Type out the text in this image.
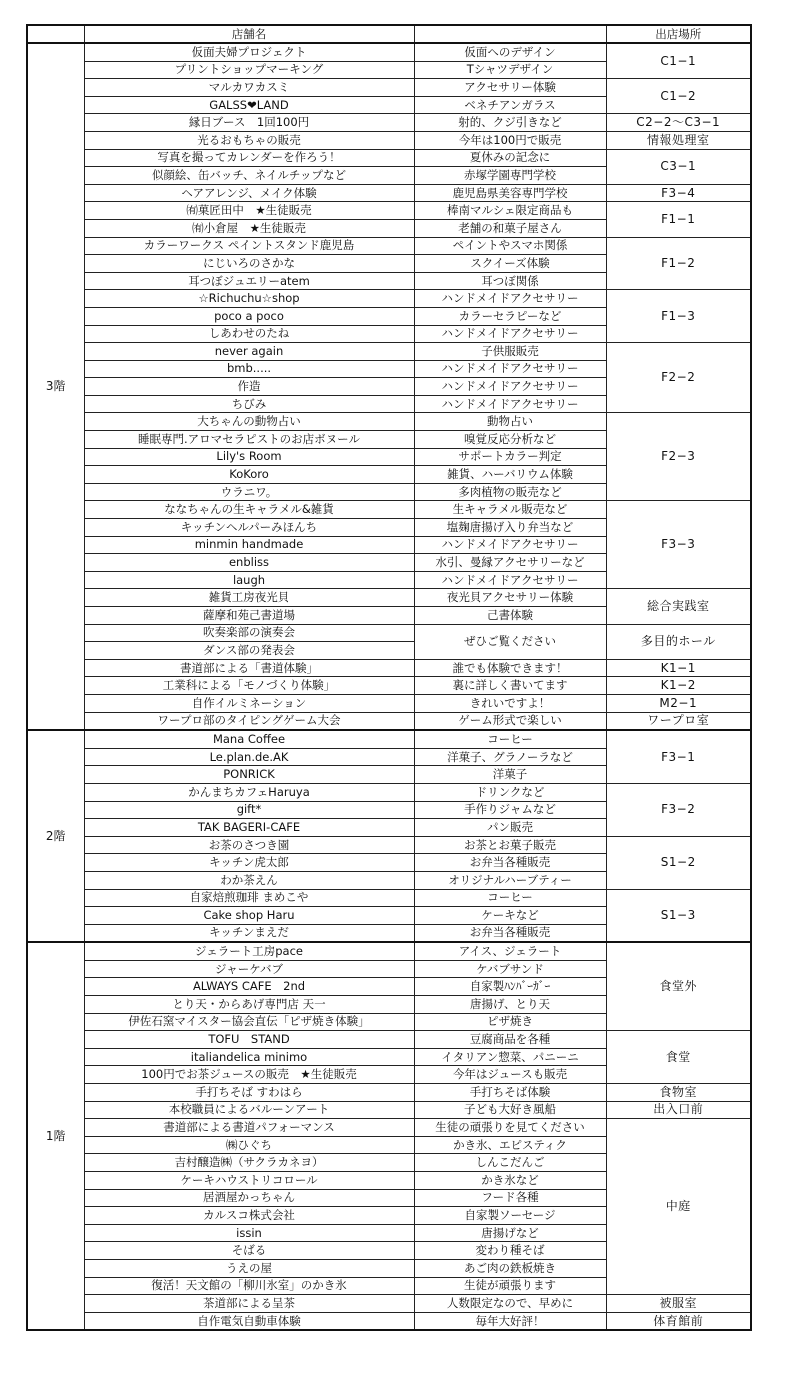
	店舗名		出店場所
3階	仮面夫婦プロジェクト	仮面へのデザイン	C1−1
	プリントショップマーキング	Tシャツデザイン	
	マルカワカスミ	アクセサリー体験	C1−2
	GALSS❤LAND	ベネチアンガラス	
	縁日ブース　1回100円	射的、クジ引きなど	C2−2～C3−1
	光るおもちゃの販売	今年は100円で販売	情報処理室
	写真を撮ってカレンダーを作ろう！	夏休みの記念に	C3−1
	似顔絵、缶バッチ、ネイルチップなど	赤塚学園専門学校	
	ヘアアレンジ、メイク体験	鹿児島県美容専門学校	F3−4
	㈲菓匠田中　★生徒販売	棒南マルシェ限定商品も	F1−1
	㈲小倉屋　★生徒販売	老舗の和菓子屋さん	
	カラーワークス ペイントスタンド鹿児島	ペイントやスマホ関係	F1−2
	にじいろのさかな	スクイーズ体験	
	耳つぼジュエリーatem	耳つぼ関係	
	☆Richuchu☆shop	ハンドメイドアクセサリー	F1−3
	poco a poco	カラーセラピーなど	
	しあわせのたね	ハンドメイドアクセサリー	
	never again	子供服販売	F2−2
	bmb.....	ハンドメイドアクセサリー	
	作造	ハンドメイドアクセサリー	
	ちびみ	ハンドメイドアクセサリー	
	大ちゃんの動物占い	動物占い	F2−3
	睡眠専門.アロマセラピストのお店ボヌール	嗅覚反応分析など	
	Lily's Room	サポートカラー判定	
	KoKoro	雑貨、ハーバリウム体験	
	ウラニワ。	多肉植物の販売など	
	ななちゃんの生キャラメル&雑貨	生キャラメル販売など	F3−3
	キッチンヘルパーみほんち	塩麹唐揚げ入り弁当など	
	minmin handmade	ハンドメイドアクセサリー	
	enbliss	水引、曼縁アクセサリーなど	
	laugh	ハンドメイドアクセサリー	
	雑貨工房夜光貝	夜光貝アクセサリー体験	総合実践室
	薩摩和苑己書道場	己書体験	
	吹奏楽部の演奏会	ぜひご覧ください	多目的ホール
	ダンス部の発表会		
	書道部による「書道体験」	誰でも体験できます！	K1−1
	工業科による「モノづくり体験」	裏に詳しく書いてます	K1−2
	自作イルミネーション	きれいですよ！	M2−1
	ワープロ部のタイピングゲーム大会	ゲーム形式で楽しい	ワープロ室
2階	Mana Coffee	コーヒー	F3−1
	Le.plan.de.AK	洋菓子、グラノーラなど	
	PONRICK	洋菓子	
	かんまちカフェHaruya	ドリンクなど	F3−2
	gift*	手作りジャムなど	
	TAK BAGERI-CAFE	パン販売	
	お茶のさつき園	お茶とお菓子販売	S1−2
	キッチン虎太郎	お弁当各種販売	
	わか茶えん	オリジナルハーブティー	
	自家焙煎珈琲 まめこや	コーヒー	S1−3
	Cake shop Haru	ケーキなど	
	キッチンまえだ	お弁当各種販売	
1階	ジェラート工房pace	アイス、ジェラート	食堂外
	ジャーケバブ	ケバブサンド	
	ALWAYS CAFE　2nd	自家製ﾊﾝﾊﾞｰｶﾞｰ	
	とり天・からあげ専門店 天一	唐揚げ、とり天	
	伊佐石窯マイスター協会直伝「ピザ焼き体験」	ピザ焼き	
	TOFU　STAND	豆腐商品を各種	食堂
	italiandelica minimo	イタリアン惣菜、パニーニ	
	100円でお茶ジュースの販売　★生徒販売	今年はジュースも販売	
	手打ちそば すわはら	手打ちそば体験	食物室
	本校職員によるバルーンアート	子ども大好き風船	出入口前
	書道部による書道パフォーマンス	生徒の頑張りを見てください	中庭
	㈱ひぐち	かき氷、エピスティク	
	吉村醸造㈱（サクラカネヨ）	しんこだんご	
	ケーキハウストリコロール	かき氷など	
	居酒屋かっちゃん	フード各種	
	カルスコ株式会社	自家製ソーセージ	
	issin	唐揚げなど	
	そばる	変わり種そば	
	うえの屋	あご肉の鉄板焼き	
	復活！天文館の「柳川氷室」のかき氷	生徒が頑張ります	
	茶道部による呈茶	人数限定なので、早めに	被服室
	自作電気自動車体験	毎年大好評！	体育館前
